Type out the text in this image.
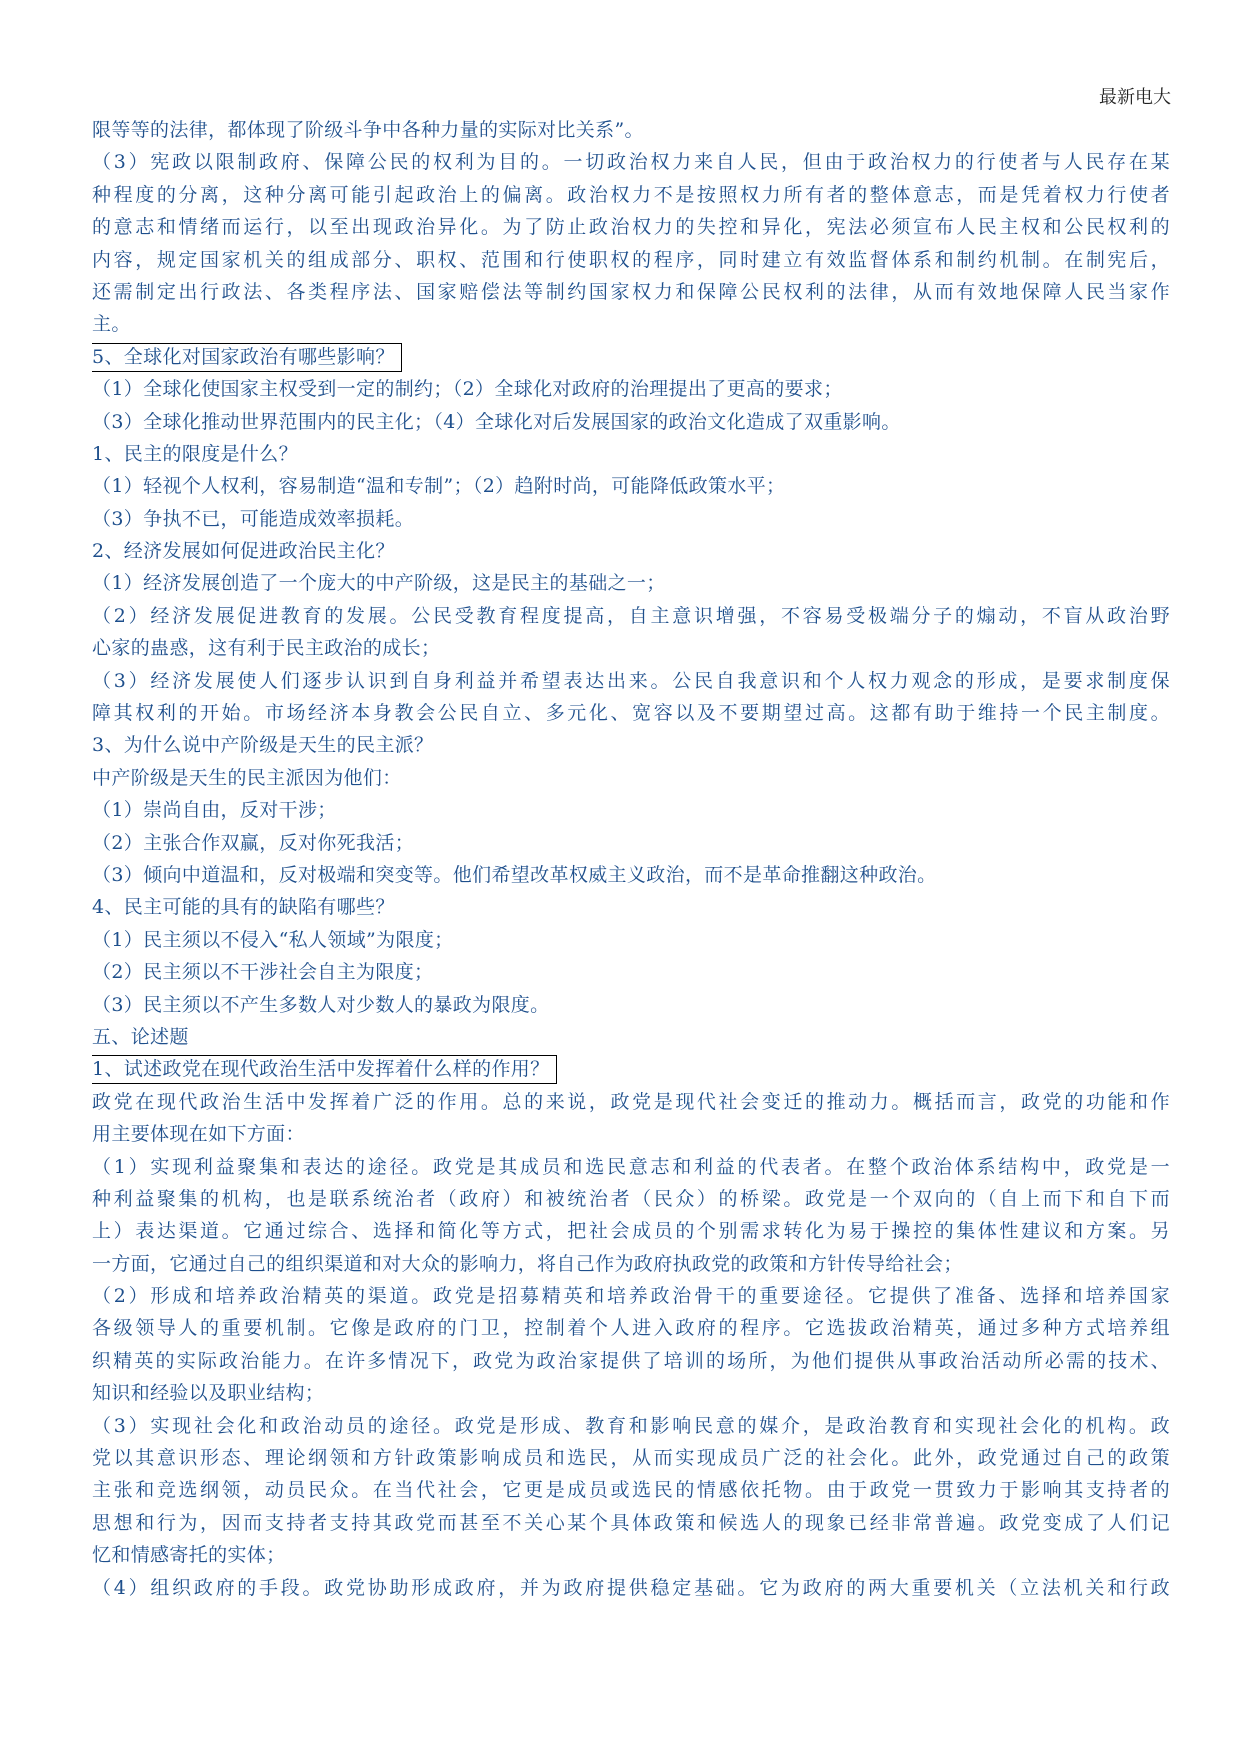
最新电大
限等等的法律，都体现了阶级斗争中各种力量的实际对比关系”。
（3）宪政以限制政府、保障公民的权利为目的。一切政治权力来自人民，但由于政治权力的行使者与人民存在某
种程度的分离，这种分离可能引起政治上的偏离。政治权力不是按照权力所有者的整体意志，而是凭着权力行使者
的意志和情绪而运行，以至出现政治异化。为了防止政治权力的失控和异化，宪法必须宣布人民主权和公民权利的
内容，规定国家机关的组成部分、职权、范围和行使职权的程序，同时建立有效监督体系和制约机制。在制宪后，
还需制定出行政法、各类程序法、国家赔偿法等制约国家权力和保障公民权利的法律，从而有效地保障人民当家作
主。
5、全球化对国家政治有哪些影响？
（1）全球化使国家主权受到一定的制约；（2）全球化对政府的治理提出了更高的要求；
（3）全球化推动世界范围内的民主化；（4）全球化对后发展国家的政治文化造成了双重影响。
1、民主的限度是什么？
（1）轻视个人权利，容易制造“温和专制”；（2）趋附时尚，可能降低政策水平；
（3）争执不已，可能造成效率损耗。
2、经济发展如何促进政治民主化？
（1）经济发展创造了一个庞大的中产阶级，这是民主的基础之一；
（2）经济发展促进教育的发展。公民受教育程度提高，自主意识增强，不容易受极端分子的煽动，不盲从政治野
心家的蛊惑，这有利于民主政治的成长；
（3）经济发展使人们逐步认识到自身利益并希望表达出来。公民自我意识和个人权力观念的形成，是要求制度保
障其权利的开始。市场经济本身教会公民自立、多元化、宽容以及不要期望过高。这都有助于维持一个民主制度。
3、为什么说中产阶级是天生的民主派？
中产阶级是天生的民主派因为他们：
（1）崇尚自由，反对干涉；
（2）主张合作双赢，反对你死我活；
（3）倾向中道温和，反对极端和突变等。他们希望改革权威主义政治，而不是革命推翻这种政治。
4、民主可能的具有的缺陷有哪些？
（1）民主须以不侵入“私人领域”为限度；
（2）民主须以不干涉社会自主为限度；
（3）民主须以不产生多数人对少数人的暴政为限度。
五、论述题
1、试述政党在现代政治生活中发挥着什么样的作用？
政党在现代政治生活中发挥着广泛的作用。总的来说，政党是现代社会变迁的推动力。概括而言，政党的功能和作
用主要体现在如下方面：
（1）实现利益聚集和表达的途径。政党是其成员和选民意志和利益的代表者。在整个政治体系结构中，政党是一
种利益聚集的机构，也是联系统治者（政府）和被统治者（民众）的桥梁。政党是一个双向的（自上而下和自下而
上）表达渠道。它通过综合、选择和简化等方式，把社会成员的个别需求转化为易于操控的集体性建议和方案。另
一方面，它通过自己的组织渠道和对大众的影响力，将自己作为政府执政党的政策和方针传导给社会；
（2）形成和培养政治精英的渠道。政党是招募精英和培养政治骨干的重要途径。它提供了准备、选择和培养国家
各级领导人的重要机制。它像是政府的门卫，控制着个人进入政府的程序。它选拔政治精英，通过多种方式培养组
织精英的实际政治能力。在许多情况下，政党为政治家提供了培训的场所，为他们提供从事政治活动所必需的技术、
知识和经验以及职业结构；
（3）实现社会化和政治动员的途径。政党是形成、教育和影响民意的媒介，是政治教育和实现社会化的机构。政
党以其意识形态、理论纲领和方针政策影响成员和选民，从而实现成员广泛的社会化。此外，政党通过自己的政策
主张和竞选纲领，动员民众。在当代社会，它更是成员或选民的情感依托物。由于政党一贯致力于影响其支持者的
思想和行为，因而支持者支持其政党而甚至不关心某个具体政策和候选人的现象已经非常普遍。政党变成了人们记
忆和情感寄托的实体；
（4）组织政府的手段。政党协助形成政府，并为政府提供稳定基础。它为政府的两大重要机关（立法机关和行政
